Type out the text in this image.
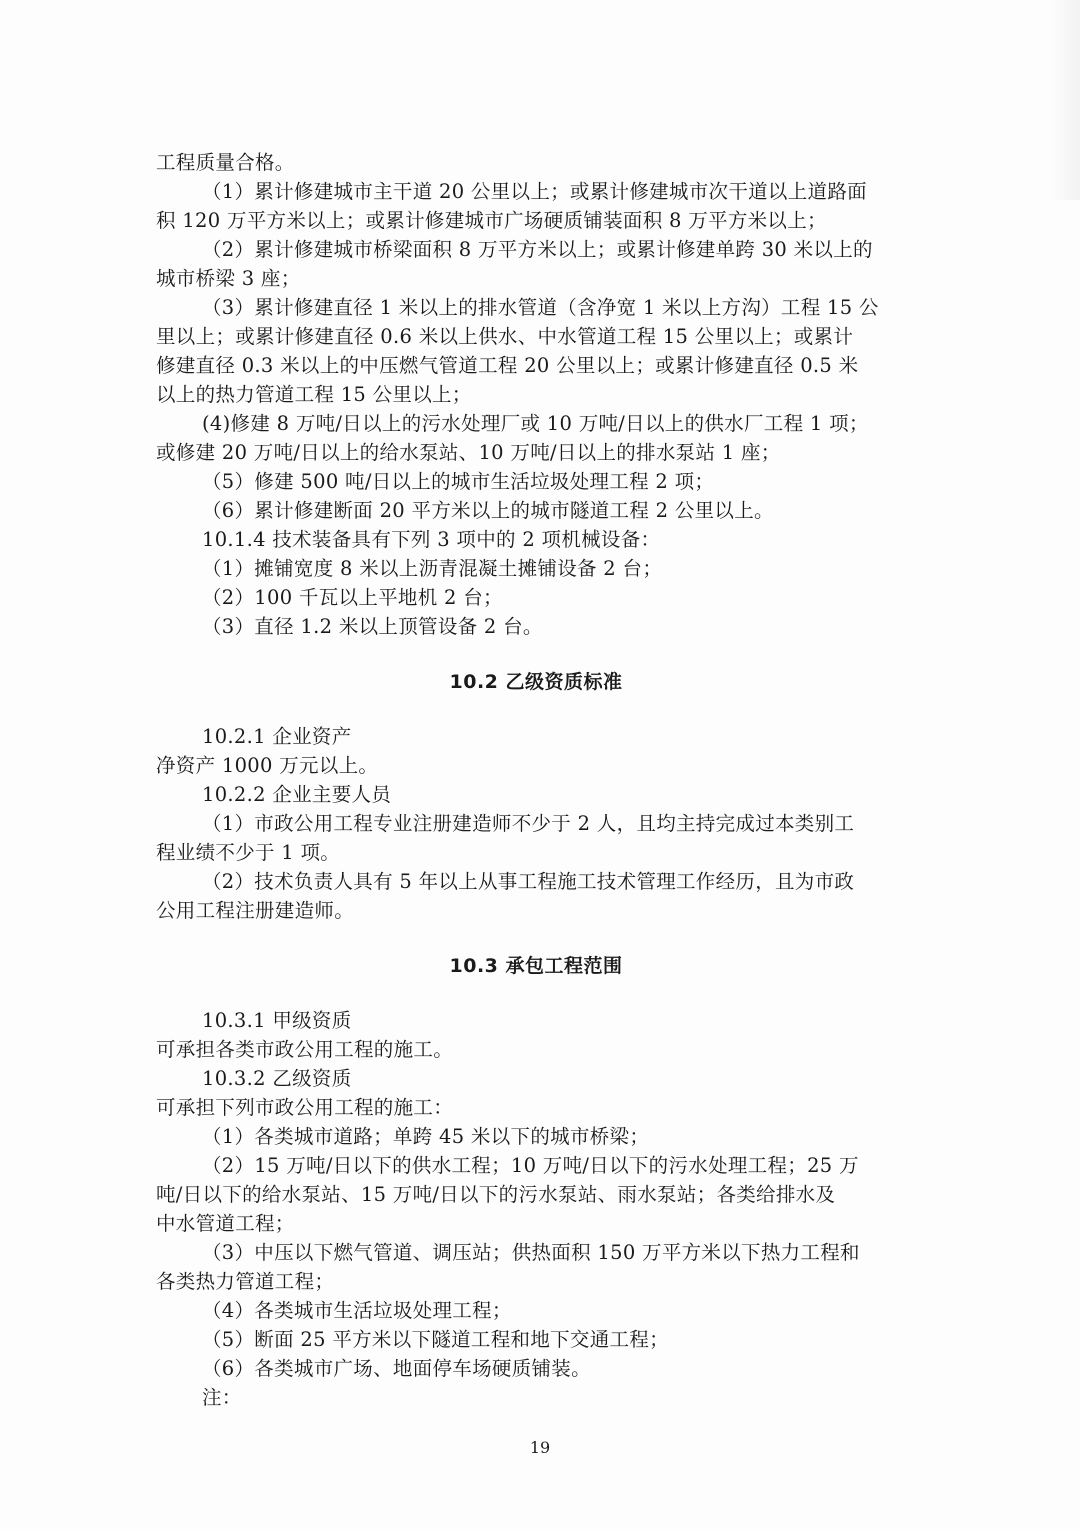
工程质量合格。
（1）累计修建城市主干道 20 公里以上；或累计修建城市次干道以上道路面
积 120 万平方米以上；或累计修建城市广场硬质铺装面积 8 万平方米以上；
（2）累计修建城市桥梁面积 8 万平方米以上；或累计修建单跨 30 米以上的
城市桥梁 3 座；
（3）累计修建直径 1 米以上的排水管道（含净宽 1 米以上方沟）工程 15 公
里以上；或累计修建直径 0.6 米以上供水、中水管道工程 15 公里以上；或累计
修建直径 0.3 米以上的中压燃气管道工程 20 公里以上；或累计修建直径 0.5 米
以上的热力管道工程 15 公里以上；
(4)修建 8 万吨/日以上的污水处理厂或 10 万吨/日以上的供水厂工程 1 项；
或修建 20 万吨/日以上的给水泵站、10 万吨/日以上的排水泵站 1 座；
（5）修建 500 吨/日以上的城市生活垃圾处理工程 2 项；
（6）累计修建断面 20 平方米以上的城市隧道工程 2 公里以上。
10.1.4 技术装备具有下列 3 项中的 2 项机械设备：
（1）摊铺宽度 8 米以上沥青混凝土摊铺设备 2 台；
（2）100 千瓦以上平地机 2 台；
（3）直径 1.2 米以上顶管设备 2 台。
10.2 乙级资质标准
10.2.1 企业资产
净资产 1000 万元以上。
10.2.2 企业主要人员
（1）市政公用工程专业注册建造师不少于 2 人，且均主持完成过本类别工
程业绩不少于 1 项。
（2）技术负责人具有 5 年以上从事工程施工技术管理工作经历，且为市政
公用工程注册建造师。
10.3 承包工程范围
10.3.1 甲级资质
可承担各类市政公用工程的施工。
10.3.2 乙级资质
可承担下列市政公用工程的施工：
（1）各类城市道路；单跨 45 米以下的城市桥梁；
（2）15 万吨/日以下的供水工程；10 万吨/日以下的污水处理工程；25 万
吨/日以下的给水泵站、15 万吨/日以下的污水泵站、雨水泵站；各类给排水及
中水管道工程；
（3）中压以下燃气管道、调压站；供热面积 150 万平方米以下热力工程和
各类热力管道工程；
（4）各类城市生活垃圾处理工程；
（5）断面 25 平方米以下隧道工程和地下交通工程；
（6）各类城市广场、地面停车场硬质铺装。
注：
19
